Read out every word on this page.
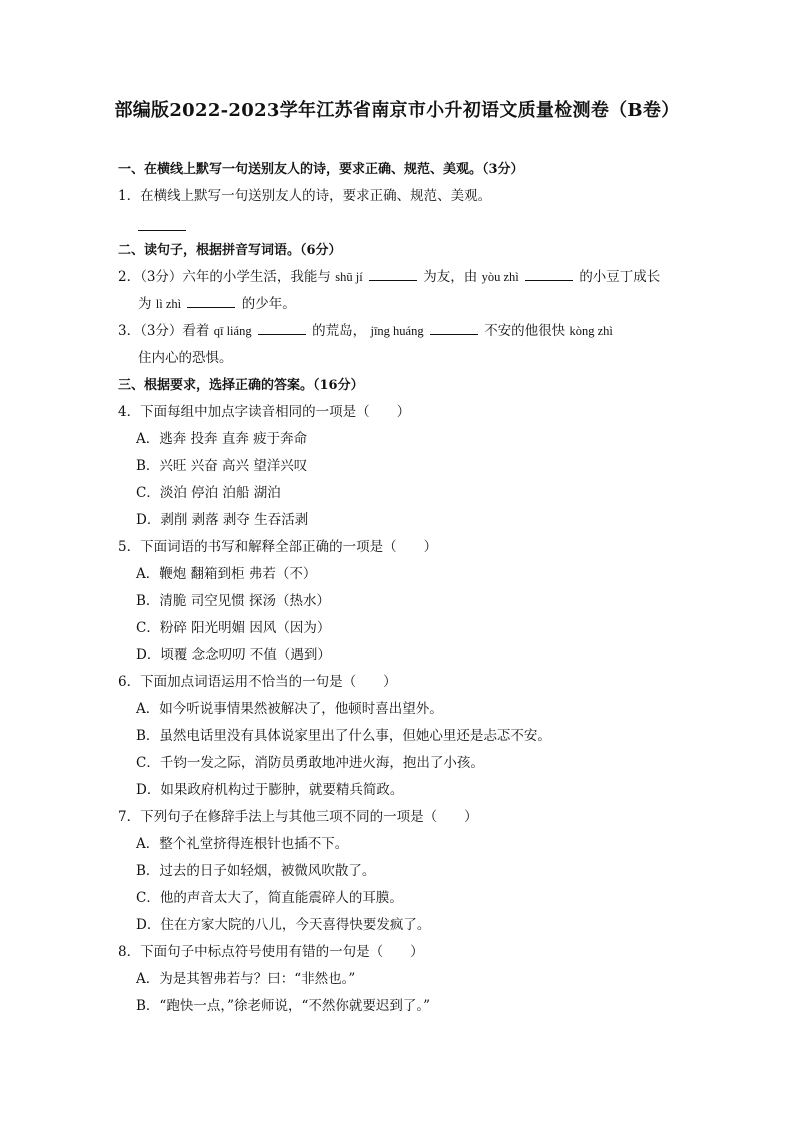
部编版2022-2023学年江苏省南京市小升初语文质量检测卷（B卷）

一、在横线上默写一句送别友人的诗，要求正确、规范、美观。（3分）

1．在横线上默写一句送别友人的诗，要求正确、规范、美观。

二、读句子，根据拼音写词语。（6分）

2．（3分）六年的小学生活，我能与 shū jí	为友，由 yòu zhì	的小豆丁成长

为 lì zhì	的少年。

3．（3分）看着 qī liáng	的荒岛， jīng huáng	不安的他很快 kòng zhì

住内心的恐惧。

三、根据要求，选择正确的答案。（16分）

4．下面每组中加点字读音相同的一项是（　　）

A．逃奔 投奔 直奔 疲于奔命

B．兴旺 兴奋 高兴 望洋兴叹

C．淡泊 停泊 泊船 湖泊

D．剥削 剥落 剥夺 生吞活剥

5．下面词语的书写和解释全部正确的一项是（　　）

A．鞭炮 翻箱到柜 弗若（不）

B．清脆 司空见惯 探汤（热水）

C．粉碎 阳光明媚 因风（因为）

D．顷覆 念念叨叨 不值（遇到）

6．下面加点词语运用不恰当的一句是（　　）

A．如今听说事情果然被解决了，他顿时喜出望外。

B．虽然电话里没有具体说家里出了什么事，但她心里还是忐忑不安。

C．千钧一发之际，消防员勇敢地冲进火海，抱出了小孩。

D．如果政府机构过于膨肿，就要精兵简政。

7．下列句子在修辞手法上与其他三项不同的一项是（　　）

A．整个礼堂挤得连根针也插不下。

B．过去的日子如轻烟，被微风吹散了。

C．他的声音太大了，简直能震碎人的耳膜。

D．住在方家大院的八儿，今天喜得快要发疯了。

8．下面句子中标点符号使用有错的一句是（　　）

A．为是其智弗若与？曰：“非然也。”

B．“跑快一点，”徐老师说，“不然你就要迟到了。”
